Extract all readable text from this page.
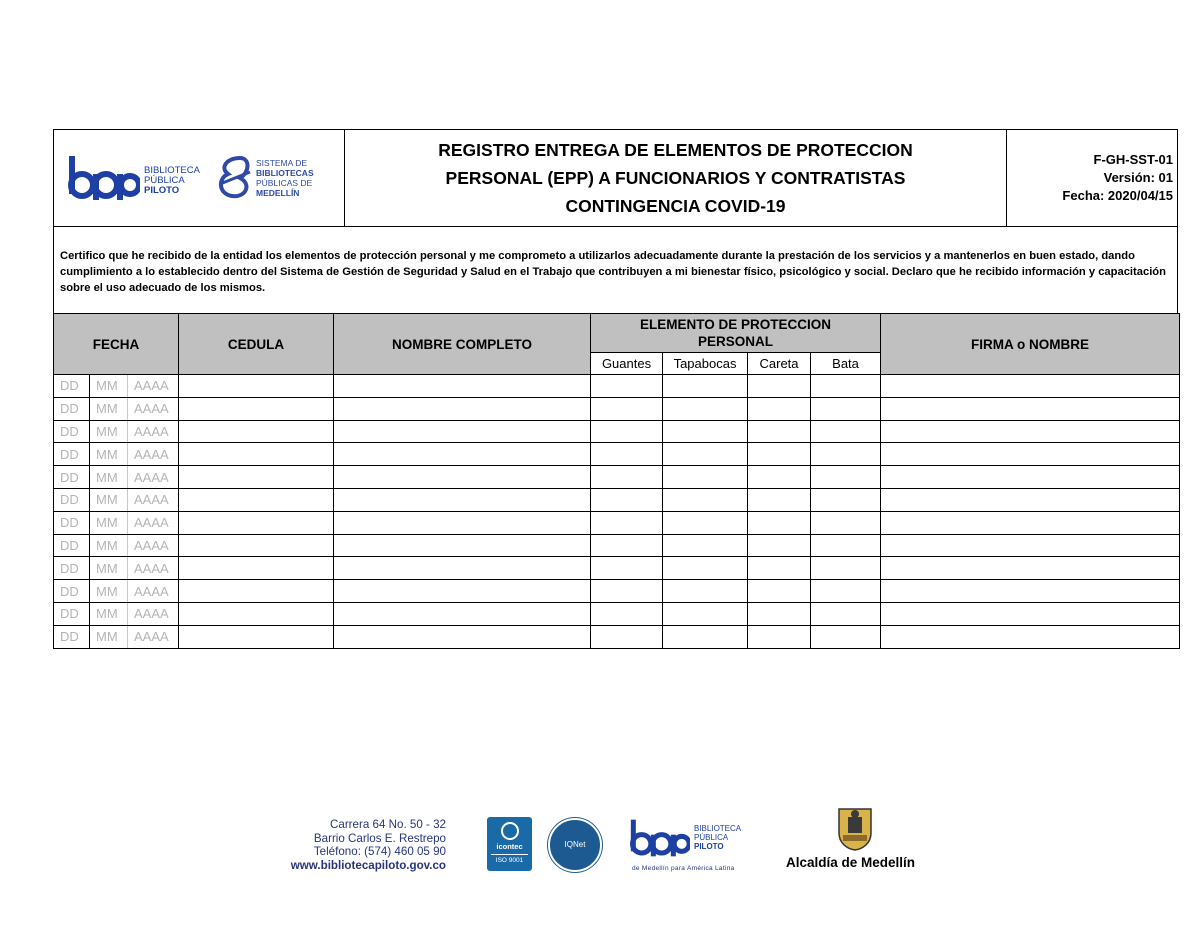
BIBLIOTECA
PÚBLICA
PILOTO
SISTEMA DE
BIBLIOTECAS
PÚBLICAS DE
MEDELLÍN
REGISTRO ENTREGA DE ELEMENTOS DE PROTECCION
PERSONAL (EPP) A FUNCIONARIOS Y CONTRATISTAS
CONTINGENCIA COVID-19
F-GH-SST-01
Versión: 01
Fecha: 2020/04/15
Certifico que he recibido de la entidad los elementos de protección personal y me comprometo a utilizarlos adecuadamente durante la prestación de los servicios y a mantenerlos en buen estado, dando cumplimiento a lo establecido dentro del Sistema de Gestión de Seguridad y Salud en el Trabajo que contribuyen a mi bienestar físico, psicológico y social. Declaro que he recibido información y capacitación sobre el uso adecuado de los mismos.
FECHA			CEDULA	NOMBRE COMPLETO	ELEMENTO DE PROTECCION PERSONAL				FIRMA o NOMBRE
					Guantes	Tapabocas	Careta	Bata	
DD	MM	AAAA							
DD	MM	AAAA							
DD	MM	AAAA							
DD	MM	AAAA							
DD	MM	AAAA							
DD	MM	AAAA							
DD	MM	AAAA							
DD	MM	AAAA							
DD	MM	AAAA							
DD	MM	AAAA							
DD	MM	AAAA							
DD	MM	AAAA							
Carrera 64 No. 50 - 32
Barrio Carlos E. Restrepo
Teléfono: (574) 460 05 90
www.bibliotecapiloto.gov.co
icontec
ISO 9001
IQNet
BIBLIOTECA
PÚBLICA
PILOTO
de Medellín para América Latina	Alcaldía de Medellín
